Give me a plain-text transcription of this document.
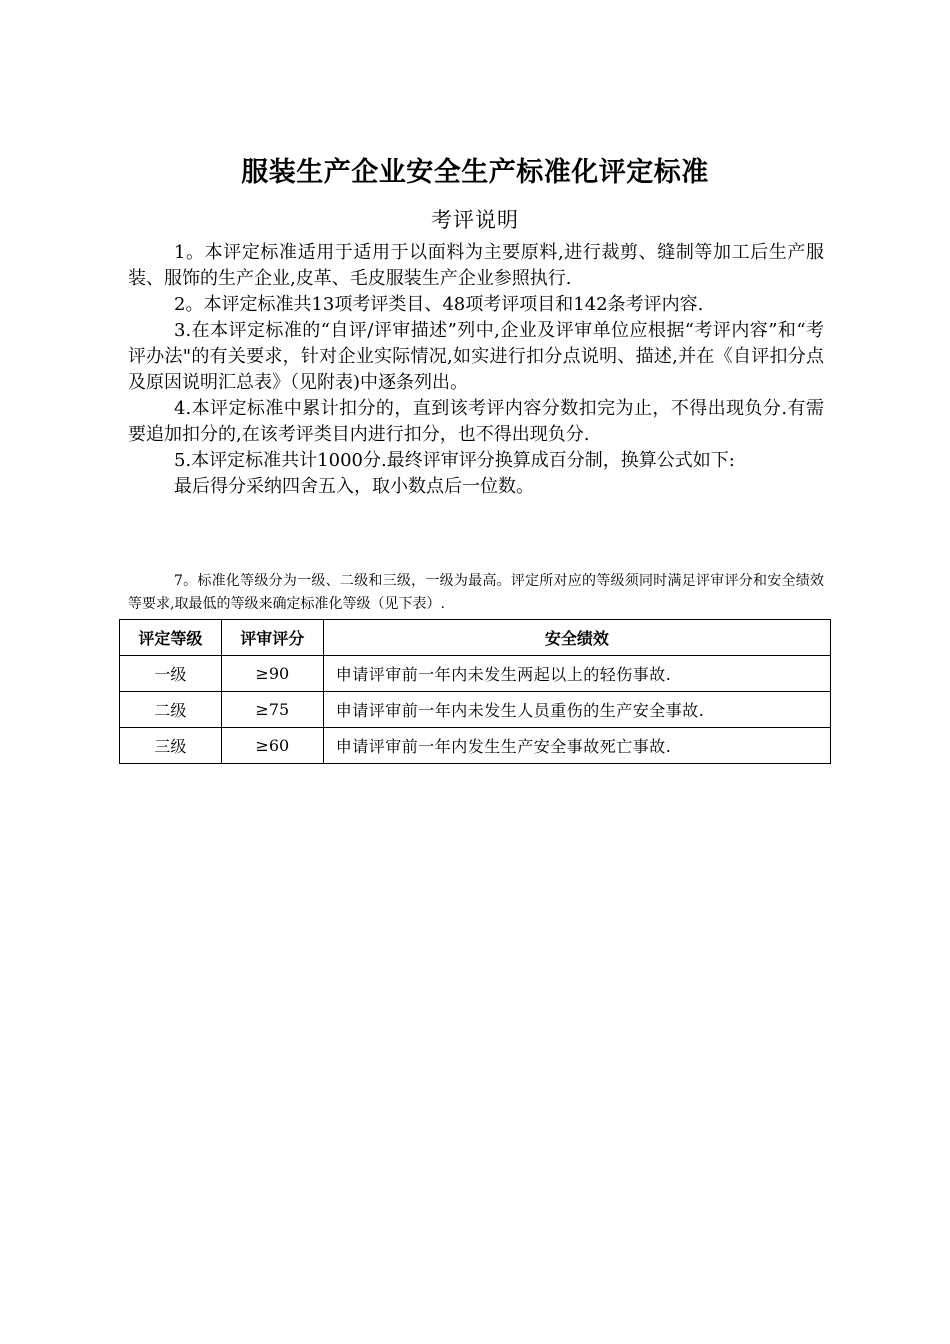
服装生产企业安全生产标准化评定标准
考评说明

1。本评定标准适用于适用于以面料为主要原料,进行裁剪、缝制等加工后生产服装、服饰的生产企业,皮革、毛皮服装生产企业参照执行.

2。本评定标准共13项考评类目、48项考评项目和142条考评内容.

3.在本评定标准的“自评/评审描述”列中,企业及评审单位应根据“考评内容”和“考评办法"的有关要求，针对企业实际情况,如实进行扣分点说明、描述,并在《自评扣分点及原因说明汇总表》（见附表)中逐条列出。

4.本评定标准中累计扣分的，直到该考评内容分数扣完为止，不得出现负分.有需要追加扣分的,在该考评类目内进行扣分，也不得出现负分.

5.本评定标准共计1000分.最终评审评分换算成百分制，换算公式如下:

最后得分采纳四舍五入，取小数点后一位数。

7。标准化等级分为一级、二级和三级，一级为最高。评定所对应的等级须同时满足评审评分和安全绩效等要求,取最低的等级来确定标准化等级（见下表）.

评定等级	评审评分	安全绩效
一级	≥90	申请评审前一年内未发生两起以上的轻伤事故.
二级	≥75	申请评审前一年内未发生人员重伤的生产安全事故.
三级	≥60	申请评审前一年内发生生产安全事故死亡事故.
